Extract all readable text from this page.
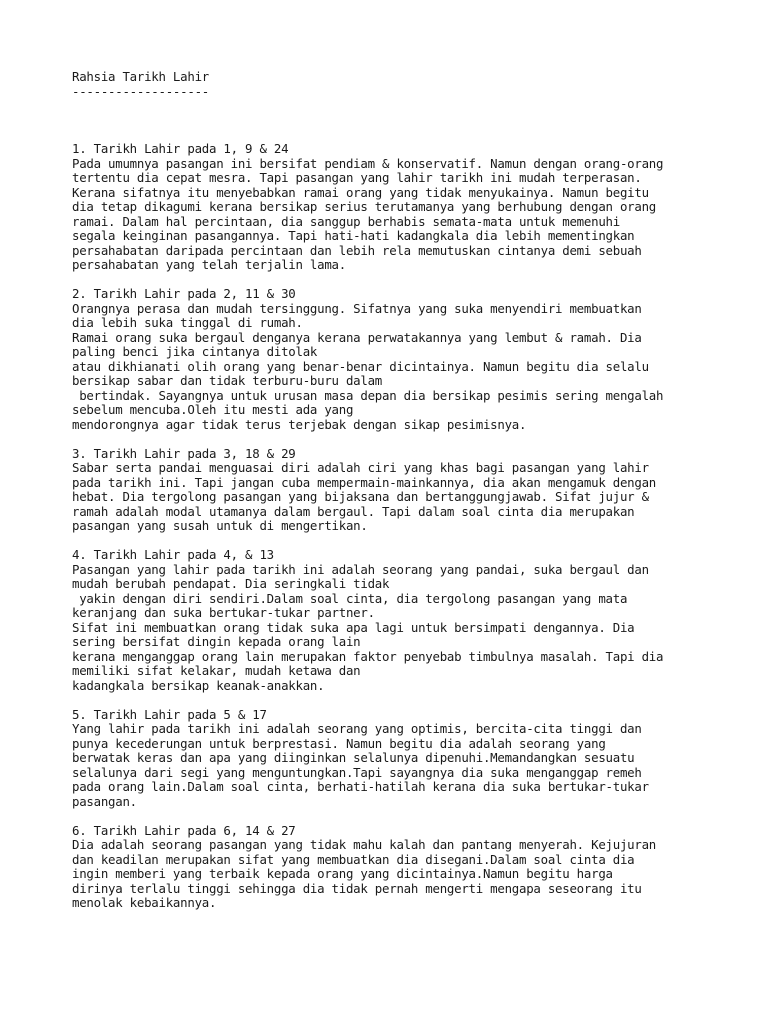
Rahsia Tarikh Lahir
-------------------
1. Tarikh Lahir pada 1, 9 & 24
Pada umumnya pasangan ini bersifat pendiam & konservatif. Namun dengan orang-orang
tertentu dia cepat mesra. Tapi pasangan yang lahir tarikh ini mudah terperasan.
Kerana sifatnya itu menyebabkan ramai orang yang tidak menyukainya. Namun begitu
dia tetap dikagumi kerana bersikap serius terutamanya yang berhubung dengan orang
ramai. Dalam hal percintaan, dia sanggup berhabis semata-mata untuk memenuhi
segala keinginan pasangannya. Tapi hati-hati kadangkala dia lebih mementingkan
persahabatan daripada percintaan dan lebih rela memutuskan cintanya demi sebuah
persahabatan yang telah terjalin lama.
2. Tarikh Lahir pada 2, 11 & 30
Orangnya perasa dan mudah tersinggung. Sifatnya yang suka menyendiri membuatkan
dia lebih suka tinggal di rumah.
Ramai orang suka bergaul denganya kerana perwatakannya yang lembut & ramah. Dia
paling benci jika cintanya ditolak
atau dikhianati olih orang yang benar-benar dicintainya. Namun begitu dia selalu
bersikap sabar dan tidak terburu-buru dalam
bertindak. Sayangnya untuk urusan masa depan dia bersikap pesimis sering mengalah
sebelum mencuba.Oleh itu mesti ada yang
mendorongnya agar tidak terus terjebak dengan sikap pesimisnya.
3. Tarikh Lahir pada 3, 18 & 29
Sabar serta pandai menguasai diri adalah ciri yang khas bagi pasangan yang lahir
pada tarikh ini. Tapi jangan cuba mempermain-mainkannya, dia akan mengamuk dengan
hebat. Dia tergolong pasangan yang bijaksana dan bertanggungjawab. Sifat jujur &
ramah adalah modal utamanya dalam bergaul. Tapi dalam soal cinta dia merupakan
pasangan yang susah untuk di mengertikan.
4. Tarikh Lahir pada 4, & 13
Pasangan yang lahir pada tarikh ini adalah seorang yang pandai, suka bergaul dan
mudah berubah pendapat. Dia seringkali tidak
yakin dengan diri sendiri.Dalam soal cinta, dia tergolong pasangan yang mata
keranjang dan suka bertukar-tukar partner.
Sifat ini membuatkan orang tidak suka apa lagi untuk bersimpati dengannya. Dia
sering bersifat dingin kepada orang lain
kerana menganggap orang lain merupakan faktor penyebab timbulnya masalah. Tapi dia
memiliki sifat kelakar, mudah ketawa dan
kadangkala bersikap keanak-anakkan.
5. Tarikh Lahir pada 5 & 17
Yang lahir pada tarikh ini adalah seorang yang optimis, bercita-cita tinggi dan
punya kecederungan untuk berprestasi. Namun begitu dia adalah seorang yang
berwatak keras dan apa yang diinginkan selalunya dipenuhi.Memandangkan sesuatu
selalunya dari segi yang menguntungkan.Tapi sayangnya dia suka menganggap remeh
pada orang lain.Dalam soal cinta, berhati-hatilah kerana dia suka bertukar-tukar
pasangan.
6. Tarikh Lahir pada 6, 14 & 27
Dia adalah seorang pasangan yang tidak mahu kalah dan pantang menyerah. Kejujuran
dan keadilan merupakan sifat yang membuatkan dia disegani.Dalam soal cinta dia
ingin memberi yang terbaik kepada orang yang dicintainya.Namun begitu harga
dirinya terlalu tinggi sehingga dia tidak pernah mengerti mengapa seseorang itu
menolak kebaikannya.
